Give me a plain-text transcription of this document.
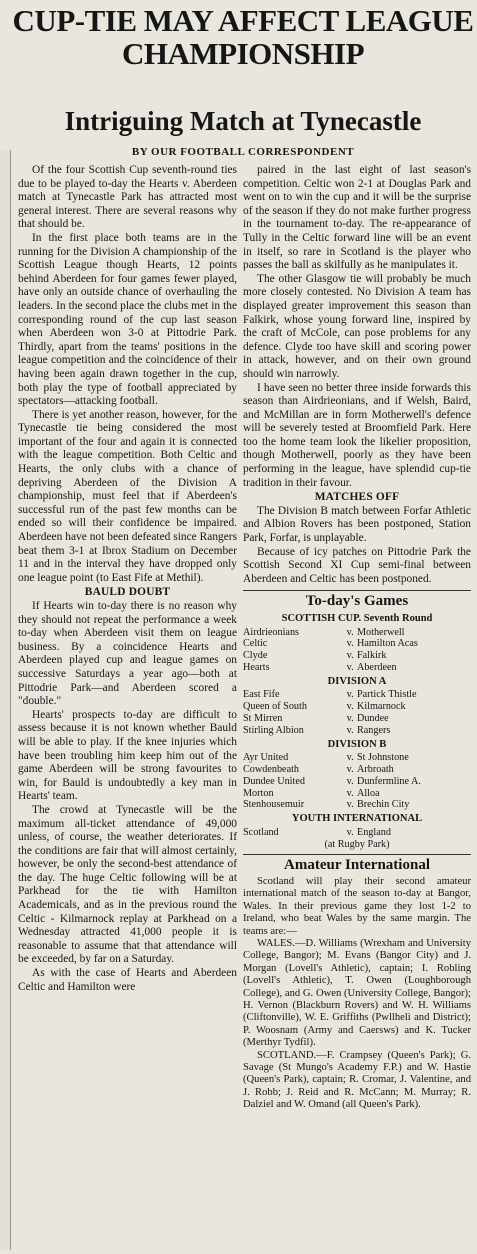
CUP-TIE MAY AFFECT LEAGUE
CHAMPIONSHIP
Intriguing Match at Tynecastle
BY OUR FOOTBALL CORRESPONDENT

Of the four Scottish Cup seventh-round ties due to be played to-day the Hearts v. Aberdeen match at Tynecastle Park has attracted most general interest. There are several reasons why that should be.

In the first place both teams are in the running for the Division A championship of the Scottish League though Hearts, 12 points behind Aberdeen for four games fewer played, have only an outside chance of overhauling the leaders. In the second place the clubs met in the corresponding round of the cup last season when Aberdeen won 3-0 at Pittodrie Park. Thirdly, apart from the teams' positions in the league competition and the coincidence of their having been again drawn together in the cup, both play the type of football appreciated by spectators—attacking football.

There is yet another reason, however, for the Tynecastle tie being considered the most important of the four and again it is connected with the league competition. Both Celtic and Hearts, the only clubs with a chance of depriving Aberdeen of the Division A championship, must feel that if Aberdeen's successful run of the past few months can be ended so will their confidence be impaired. Aberdeen have not been defeated since Rangers beat them 3-1 at Ibrox Stadium on December 11 and in the interval they have dropped only one league point (to East Fife at Methil).

BAULD DOUBT

If Hearts win to-day there is no reason why they should not repeat the performance a week to-day when Aberdeen visit them on league business. By a coincidence Hearts and Aberdeen played cup and league games on successive Saturdays a year ago—both at Pittodrie Park—and Aberdeen scored a "double."

Hearts' prospects to-day are difficult to assess because it is not known whether Bauld will be able to play. If the knee injuries which have been troubling him keep him out of the game Aberdeen will be strong favourites to win, for Bauld is undoubtedly a key man in Hearts' team.

The crowd at Tynecastle will be the maximum all-ticket attendance of 49,000 unless, of course, the weather deteriorates. If the conditions are fair that will almost certainly, however, be only the second-best attendance of the day. The huge Celtic following will be at Parkhead for the tie with Hamilton Academicals, and as in the previous round the Celtic - Kilmarnock replay at Parkhead on a Wednesday attracted 41,000 people it is reasonable to assume that that attendance will be exceeded, by far on a Saturday.

As with the case of Hearts and Aberdeen Celtic and Hamilton were

paired in the last eight of last season's competition. Celtic won 2-1 at Douglas Park and went on to win the cup and it will be the surprise of the season if they do not make further progress in the tournament to-day. The re-appearance of Tully in the Celtic forward line will be an event in itself, so rare in Scotland is the player who passes the ball as skilfully as he manipulates it.

The other Glasgow tie will probably be much more closely contested. No Division A team has displayed greater improvement this season than Falkirk, whose young forward line, inspired by the craft of McCole, can pose problems for any defence. Clyde too have skill and scoring power in attack, however, and on their own ground should win narrowly.

I have seen no better three inside forwards this season than Airdrieonians, and if Welsh, Baird, and McMillan are in form Motherwell's defence will be severely tested at Broomfield Park. Here too the home team look the likelier proposition, though Motherwell, poorly as they have been performing in the league, have splendid cup-tie tradition in their favour.

MATCHES OFF

The Division B match between Forfar Athletic and Albion Rovers has been postponed, Station Park, Forfar, is unplayable.

Because of icy patches on Pittodrie Park the Scottish Second XI Cup semi-final between Aberdeen and Celtic has been postponed.

To-day's Games
SCOTTISH CUP. Seventh Round
Airdrieonians	v.	Motherwell
Celtic	v.	Hamilton Acas
Clyde	v.	Falkirk
Hearts	v.	Aberdeen
DIVISION A
East Fife	v.	Partick Thistle
Queen of South	v.	Kilmarnock
St Mirren	v.	Dundee
Stirling Albion	v.	Rangers
DIVISION B
Ayr United	v.	St Johnstone
Cowdenbeath	v.	Arbroath
Dundee United	v.	Dunfermline A.
Morton	v.	Alloa
Stenhousemuir	v.	Brechin City
YOUTH INTERNATIONAL
Scotland	v.	England
(at Rugby Park)
Amateur International

Scotland will play their second amateur international match of the season to-day at Bangor, Wales. In their previous game they lost 1-2 to Ireland, who beat Wales by the same margin. The teams are:—

WALES.—D. Williams (Wrexham and University College, Bangor); M. Evans (Bangor City) and J. Morgan (Lovell's Athletic), captain; I. Robling (Lovell's Athletic), T. Owen (Loughborough College), and G. Owen (University College, Bangor); H. Vernon (Blackburn Rovers) and W. H. Williams (Cliftonville), W. E. Griffiths (Pwllheli and District); P. Woosnam (Army and Caersws) and K. Tucker (Merthyr Tydfil).

SCOTLAND.—F. Crampsey (Queen's Park); G. Savage (St Mungo's Academy F.P.) and W. Hastie (Queen's Park), captain; R. Cromar, J. Valentine, and J. Robb; J. Reid and R. McCann; M. Murray; R. Dalziel and W. Omand (all Queen's Park).
